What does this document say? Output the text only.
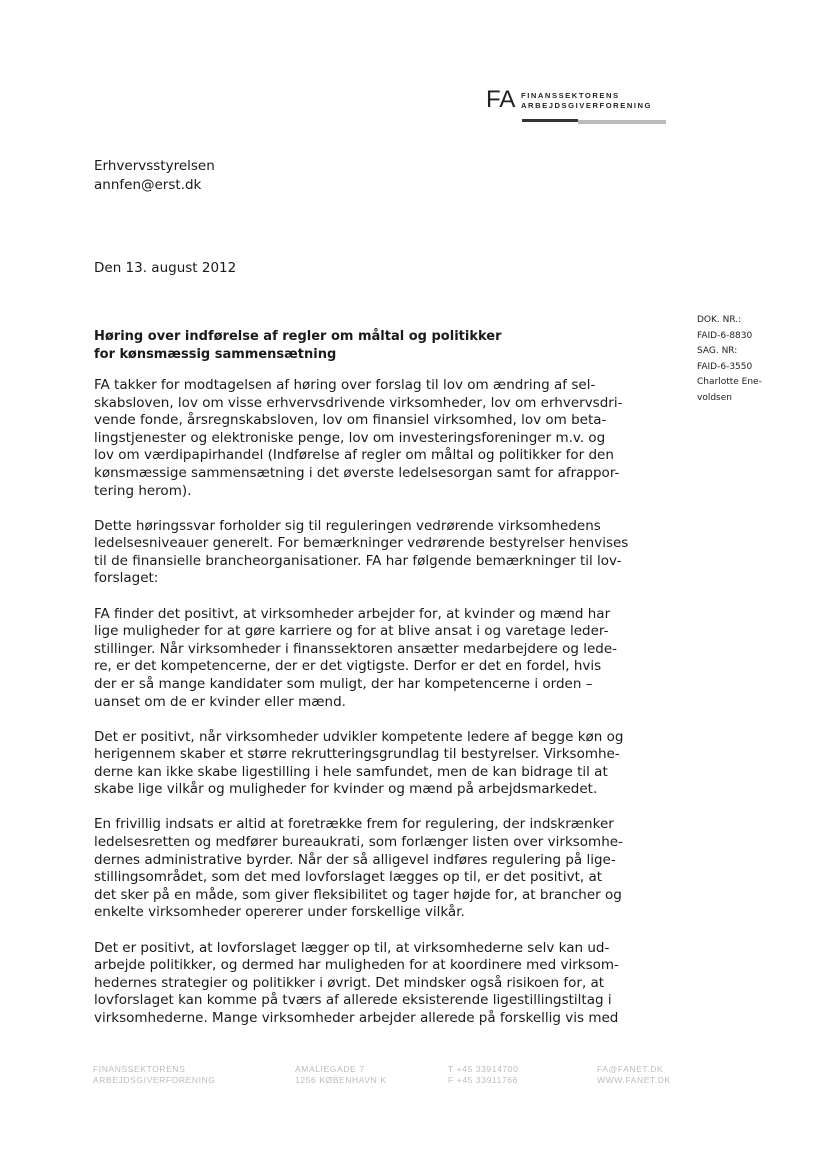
FA FINANSSEKTORENS
ARBEJDSGIVERFORENING
Erhvervsstyrelsen
annfen@erst.dk
Den 13. august 2012
DOK. NR.:
FAID-6-8830
SAG. NR:
FAID-6-3550
Charlotte Ene-
voldsen
Høring over indførelse af regler om måltal og politikker
for kønsmæssig sammensætning
FA takker for modtagelsen af høring over forslag til lov om ændring af sel-
skabsloven, lov om visse erhvervsdrivende virksomheder, lov om erhvervsdri-
vende fonde, årsregnskabsloven, lov om finansiel virksomhed, lov om beta-
lingstjenester og elektroniske penge, lov om investeringsforeninger m.v. og
lov om værdipapirhandel (Indførelse af regler om måltal og politikker for den
kønsmæssige sammensætning i det øverste ledelsesorgan samt for afrappor-
tering herom).
Dette høringssvar forholder sig til reguleringen vedrørende virksomhedens
ledelsesniveauer generelt. For bemærkninger vedrørende bestyrelser henvises
til de finansielle brancheorganisationer. FA har følgende bemærkninger til lov-
forslaget:
FA finder det positivt, at virksomheder arbejder for, at kvinder og mænd har
lige muligheder for at gøre karriere og for at blive ansat i og varetage leder-
stillinger. Når virksomheder i finanssektoren ansætter medarbejdere og lede-
re, er det kompetencerne, der er det vigtigste. Derfor er det en fordel, hvis
der er så mange kandidater som muligt, der har kompetencerne i orden –
uanset om de er kvinder eller mænd.
Det er positivt, når virksomheder udvikler kompetente ledere af begge køn og
herigennem skaber et større rekrutteringsgrundlag til bestyrelser. Virksomhe-
derne kan ikke skabe ligestilling i hele samfundet, men de kan bidrage til at
skabe lige vilkår og muligheder for kvinder og mænd på arbejdsmarkedet.
En frivillig indsats er altid at foretrække frem for regulering, der indskrænker
ledelsesretten og medfører bureaukrati, som forlænger listen over virksomhe-
dernes administrative byrder. Når der så alligevel indføres regulering på lige-
stillingsområdet, som det med lovforslaget lægges op til, er det positivt, at
det sker på en måde, som giver fleksibilitet og tager højde for, at brancher og
enkelte virksomheder opererer under forskellige vilkår.
Det er positivt, at lovforslaget lægger op til, at virksomhederne selv kan ud-
arbejde politikker, og dermed har muligheden for at koordinere med virksom-
hedernes strategier og politikker i øvrigt. Det mindsker også risikoen for, at
lovforslaget kan komme på tværs af allerede eksisterende ligestillingstiltag i
virksomhederne. Mange virksomheder arbejder allerede på forskellig vis med
FINANSSEKTORENS
ARBEJDSGIVERFORENING
AMALIEGADE 7
1256 KØBENHAVN K
T +45 33914700
F +45 33911766
FA@FANET.DK
WWW.FANET.DK
